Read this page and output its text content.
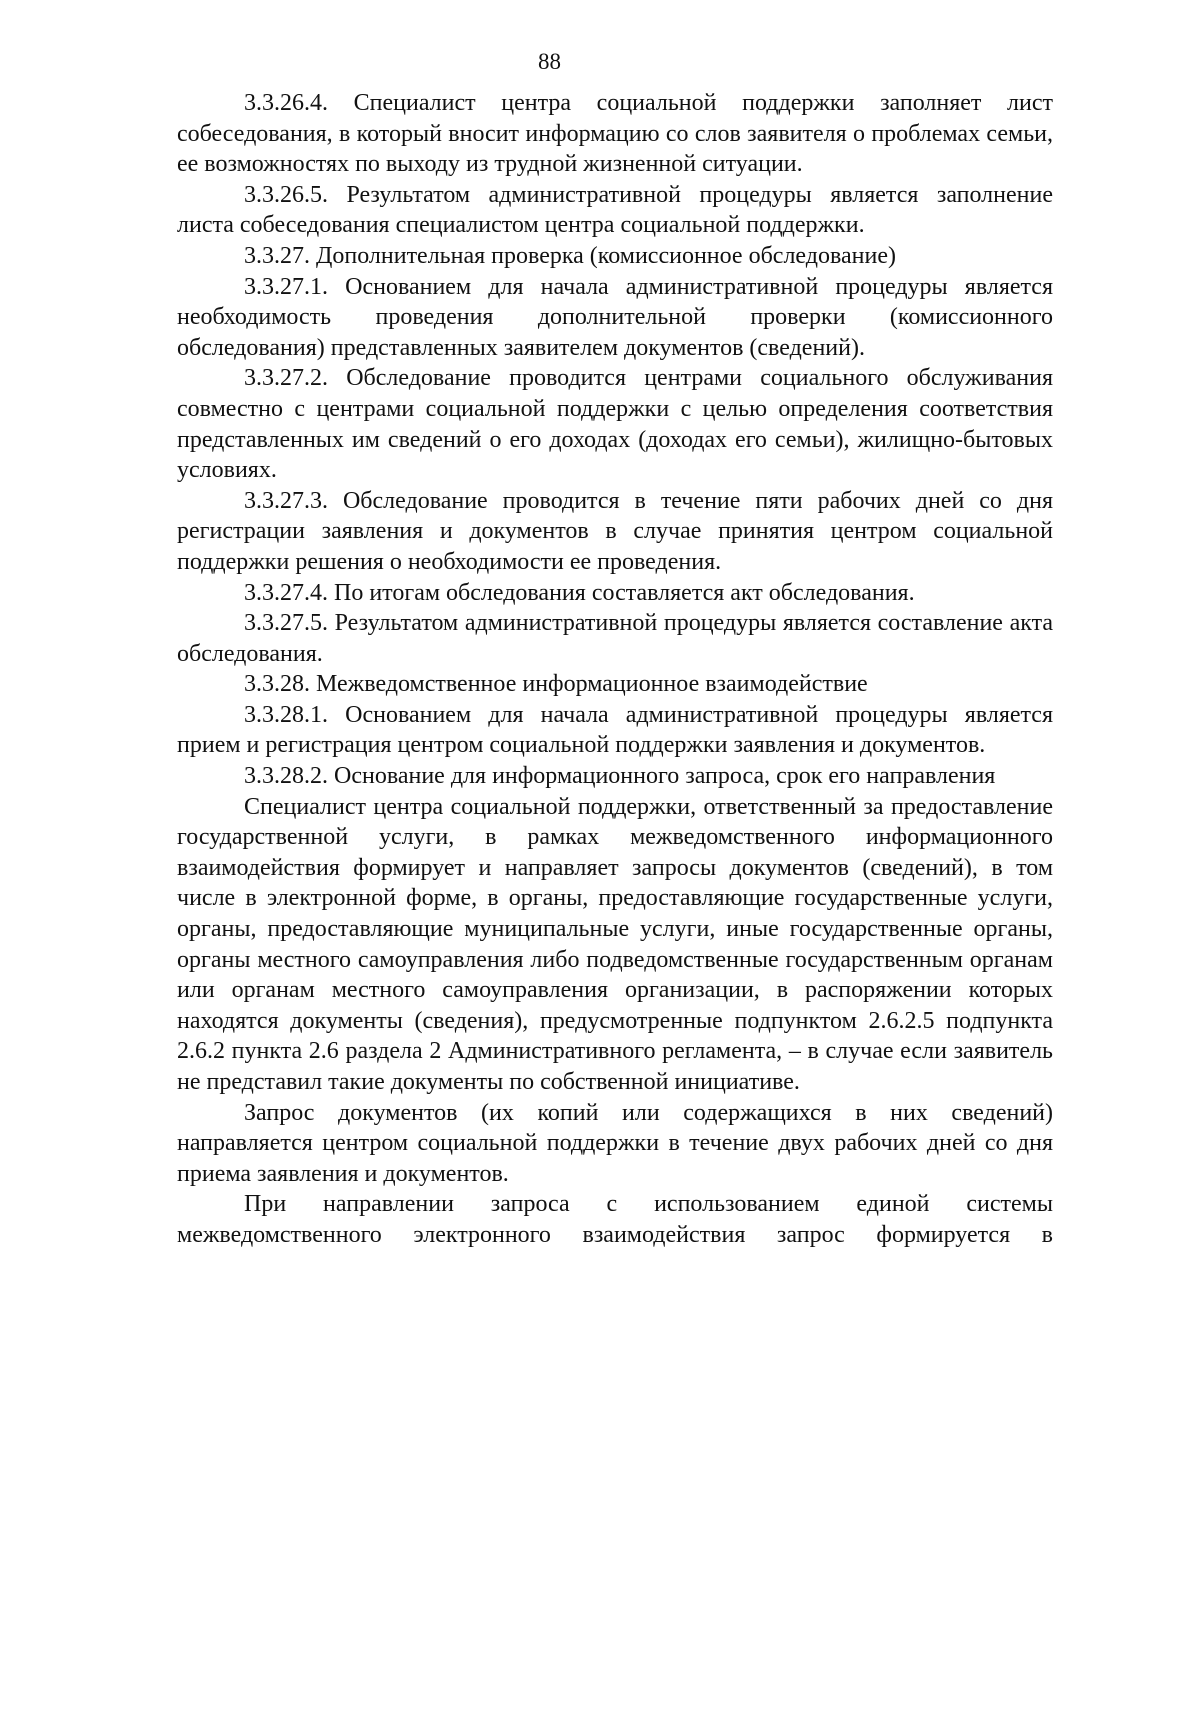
88

3.3.26.4. Специалист центра социальной поддержки заполняет лист собеседования, в который вносит информацию со слов заявителя о проблемах семьи, ее возможностях по выходу из трудной жизненной ситуации.

3.3.26.5. Результатом административной процедуры является заполнение листа собеседования специалистом центра социальной поддержки.

3.3.27. Дополнительная проверка (комиссионное обследование)

3.3.27.1. Основанием для начала административной процедуры является необходимость проведения дополнительной проверки (комиссионного обследования) представленных заявителем документов (сведений).

3.3.27.2. Обследование проводится центрами социального обслуживания совместно с центрами социальной поддержки с целью определения соответствия представленных им сведений о его доходах (доходах его семьи), жилищно-бытовых условиях.

3.3.27.3. Обследование проводится в течение пяти рабочих дней со дня регистрации заявления и документов в случае принятия центром социальной поддержки решения о необходимости ее проведения.

3.3.27.4. По итогам обследования составляется акт обследования.

3.3.27.5. Результатом административной процедуры является составление акта обследования.

3.3.28. Межведомственное информационное взаимодействие

3.3.28.1. Основанием для начала административной процедуры является прием и регистрация центром социальной поддержки заявления и документов.

3.3.28.2. Основание для информационного запроса, срок его направления

Специалист центра социальной поддержки, ответственный за предоставление государственной услуги, в рамках межведомственного информационного взаимодействия формирует и направляет запросы документов (сведений), в том числе в электронной форме, в органы, предоставляющие государственные услуги, органы, предоставляющие муниципальные услуги, иные государственные органы, органы местного самоуправления либо подведомственные государственным органам или органам местного самоуправления организации, в распоряжении которых находятся документы (сведения), предусмотренные подпунктом 2.6.2.5 подпункта 2.6.2 пункта 2.6 раздела 2 Административного регламента, – в случае если заявитель не представил такие документы по собственной инициативе.

Запрос документов (их копий или содержащихся в них сведений) направляется центром социальной поддержки в течение двух рабочих дней со дня приема заявления и документов.

При направлении запроса с использованием единой системы межведомственного электронного взаимодействия запрос формируется в
